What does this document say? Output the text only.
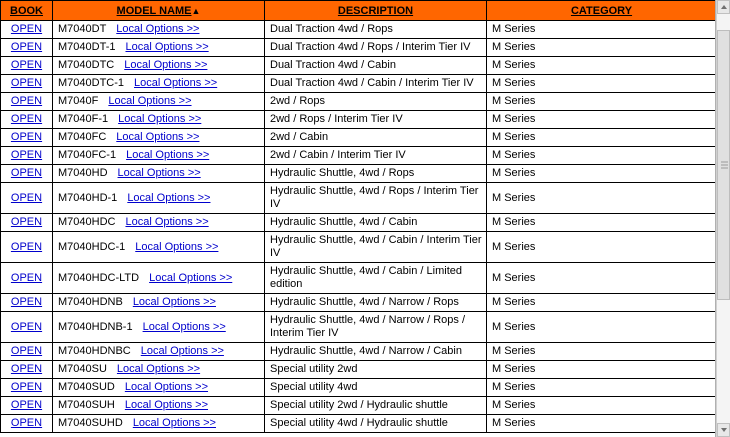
BOOK	MODEL NAME▲	DESCRIPTION	CATEGORY
OPEN	M7040DT Local Options >>	Dual Traction 4wd / Rops	M Series
OPEN	M7040DT-1 Local Options >>	Dual Traction 4wd / Rops / Interim Tier IV	M Series
OPEN	M7040DTC Local Options >>	Dual Traction 4wd / Cabin	M Series
OPEN	M7040DTC-1 Local Options >>	Dual Traction 4wd / Cabin / Interim Tier IV	M Series
OPEN	M7040F Local Options >>	2wd / Rops	M Series
OPEN	M7040F-1 Local Options >>	2wd / Rops / Interim Tier IV	M Series
OPEN	M7040FC Local Options >>	2wd / Cabin	M Series
OPEN	M7040FC-1 Local Options >>	2wd / Cabin / Interim Tier IV	M Series
OPEN	M7040HD Local Options >>	Hydraulic Shuttle, 4wd / Rops	M Series
OPEN	M7040HD-1 Local Options >>	Hydraulic Shuttle, 4wd / Rops / Interim Tier IV	M Series
OPEN	M7040HDC Local Options >>	Hydraulic Shuttle, 4wd / Cabin	M Series
OPEN	M7040HDC-1 Local Options >>	Hydraulic Shuttle, 4wd / Cabin / Interim Tier IV	M Series
OPEN	M7040HDC-LTD Local Options >>	Hydraulic Shuttle, 4wd / Cabin / Limited edition	M Series
OPEN	M7040HDNB Local Options >>	Hydraulic Shuttle, 4wd / Narrow / Rops	M Series
OPEN	M7040HDNB-1 Local Options >>	Hydraulic Shuttle, 4wd / Narrow / Rops / Interim Tier IV	M Series
OPEN	M7040HDNBC Local Options >>	Hydraulic Shuttle, 4wd / Narrow / Cabin	M Series
OPEN	M7040SU Local Options >>	Special utility 2wd	M Series
OPEN	M7040SUD Local Options >>	Special utility 4wd	M Series
OPEN	M7040SUH Local Options >>	Special utility 2wd / Hydraulic shuttle	M Series
OPEN	M7040SUHD Local Options >>	Special utility 4wd / Hydraulic shuttle	M Series
